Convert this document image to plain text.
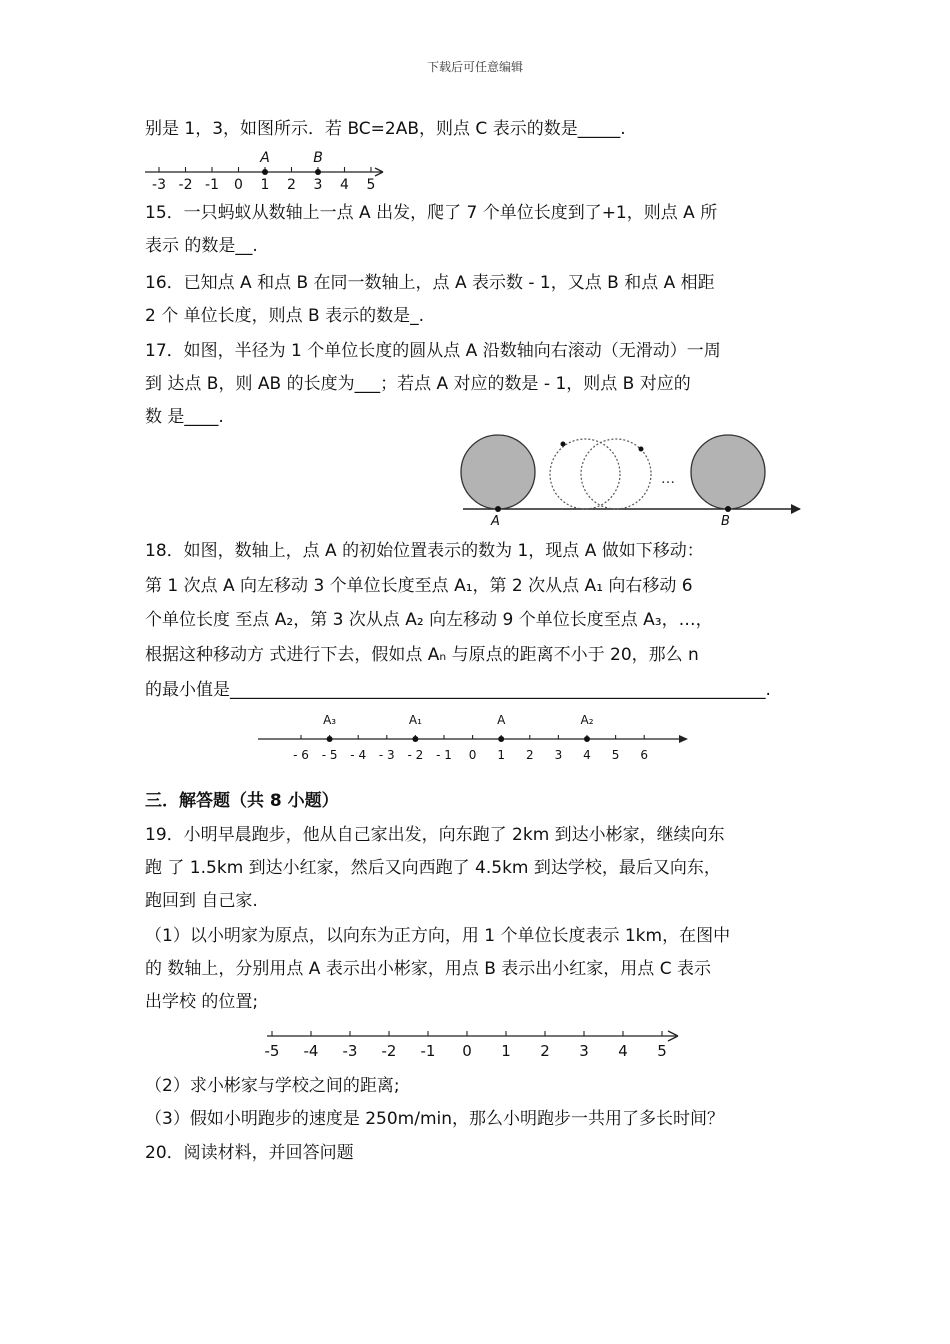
下载后可任意编辑
别是 1，3，如图所示．若 BC=2AB，则点 C 表示的数是_____.
-3 -2 -1 0 1 2 3 4 5
A	B
15．一只蚂蚁从数轴上一点 A 出发，爬了 7 个单位长度到了+1，则点 A 所
表示 的数是__.
16．已知点 A 和点 B 在同一数轴上，点 A 表示数 - 1，又点 B 和点 A 相距
2 个 单位长度，则点 B 表示的数是_.
17．如图，半径为 1 个单位长度的圆从点 A 沿数轴向右滚动（无滑动）一周
到 达点 B，则 AB 的长度为___；若点 A 对应的数是 - 1，则点 B 对应的
数 是____.
…
A	B
18．如图，数轴上，点 A 的初始位置表示的数为 1，现点 A 做如下移动：
第 1 次点 A 向左移动 3 个单位长度至点 A₁，第 2 次从点 A₁ 向右移动 6
个单位长度 至点 A₂，第 3 次从点 A₂ 向左移动 9 个单位长度至点 A₃，…，
根据这种移动方 式进行下去，假如点 Aₙ 与原点的距离不小于 20，那么 n
的最小值是_______________________________________________________________.
- 6 - 5 - 4 - 3 - 2 - 1 0 1 2 3 4 5 6
A₃	A₁	A	A₂
三．解答题（共 8 小题）
19．小明早晨跑步，他从自己家出发，向东跑了 2km 到达小彬家，继续向东
跑 了 1.5km 到达小红家，然后又向西跑了 4.5km 到达学校，最后又向东，
跑回到 自己家.
（1）以小明家为原点，以向东为正方向，用 1 个单位长度表示 1km，在图中
的 数轴上，分别用点 A 表示出小彬家，用点 B 表示出小红家，用点 C 表示
出学校 的位置;
-5 -4 -3 -2 -1 0 1 2 3 4 5
（2）求小彬家与学校之间的距离;
（3）假如小明跑步的速度是 250m/min，那么小明跑步一共用了多长时间？
20．阅读材料，并回答问题
